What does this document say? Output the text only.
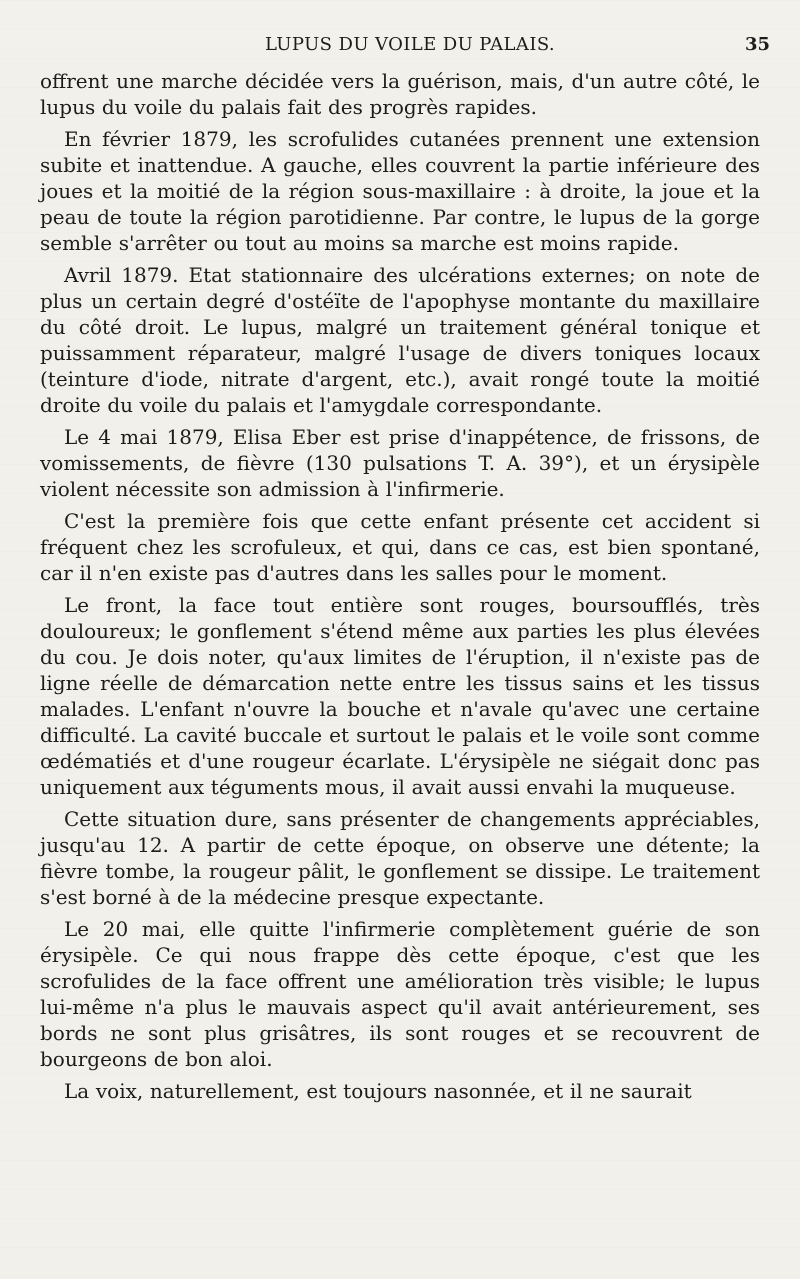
LUPUS DU VOILE DU PALAIS.	35

offrent une marche décidée vers la guérison, mais, d'un autre côté, le lupus du voile du palais fait des progrès rapides.

En février 1879, les scrofulides cutanées prennent une extension subite et inattendue. A gauche, elles couvrent la partie inférieure des joues et la moitié de la région sous-maxillaire : à droite, la joue et la peau de toute la région parotidienne. Par contre, le lupus de la gorge semble s'arrêter ou tout au moins sa marche est moins rapide.

Avril 1879. Etat stationnaire des ulcérations externes; on note de plus un certain degré d'ostéïte de l'apophyse montante du maxillaire du côté droit. Le lupus, malgré un traitement général tonique et puissamment réparateur, malgré l'usage de divers toniques locaux (teinture d'iode, nitrate d'argent, etc.), avait rongé toute la moitié droite du voile du palais et l'amygdale correspondante.

Le 4 mai 1879, Elisa Eber est prise d'inappétence, de frissons, de vomissements, de fièvre (130 pulsations T. A. 39°), et un érysipèle violent nécessite son admission à l'infirmerie.

C'est la première fois que cette enfant présente cet accident si fréquent chez les scrofuleux, et qui, dans ce cas, est bien spontané, car il n'en existe pas d'autres dans les salles pour le moment.

Le front, la face tout entière sont rouges, boursoufflés, très douloureux; le gonflement s'étend même aux parties les plus élevées du cou. Je dois noter, qu'aux limites de l'éruption, il n'existe pas de ligne réelle de démarcation nette entre les tissus sains et les tissus malades. L'enfant n'ouvre la bouche et n'avale qu'avec une certaine difficulté. La cavité buccale et surtout le palais et le voile sont comme œdématiés et d'une rougeur écarlate. L'érysipèle ne siégait donc pas uniquement aux téguments mous, il avait aussi envahi la muqueuse.

Cette situation dure, sans présenter de changements appréciables, jusqu'au 12. A partir de cette époque, on observe une détente; la fièvre tombe, la rougeur pâlit, le gonflement se dissipe. Le traitement s'est borné à de la médecine presque expectante.

Le 20 mai, elle quitte l'infirmerie complètement guérie de son érysipèle. Ce qui nous frappe dès cette époque, c'est que les scrofulides de la face offrent une amélioration très visible; le lupus lui-même n'a plus le mauvais aspect qu'il avait antérieurement, ses bords ne sont plus grisâtres, ils sont rouges et se recouvrent de bourgeons de bon aloi.

La voix, naturellement, est toujours nasonnée, et il ne saurait
